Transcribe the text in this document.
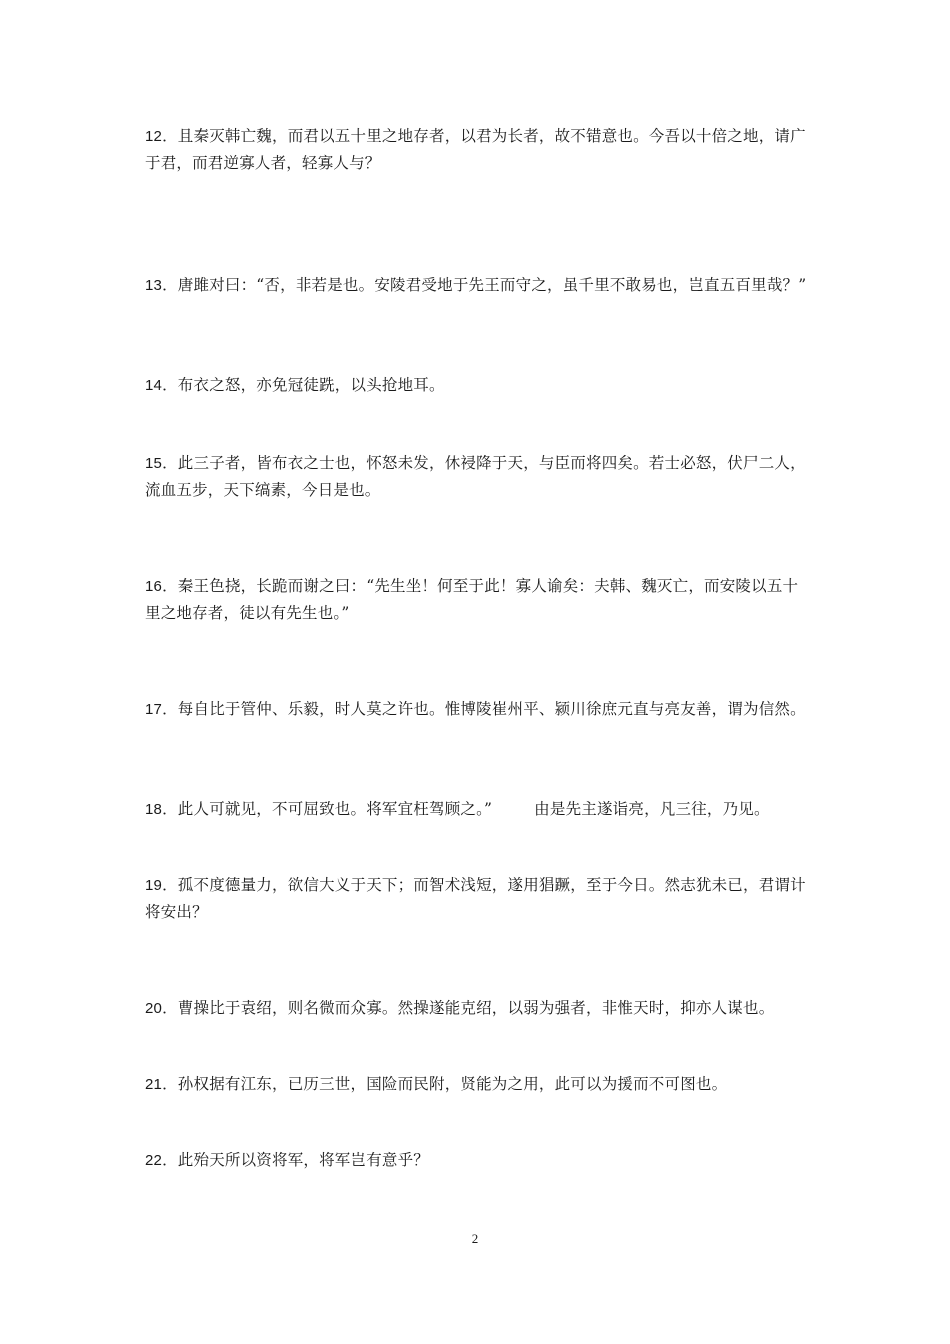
12．且秦灭韩亡魏，而君以五十里之地存者，以君为长者，故不错意也。今吾以十倍之地，请广于君，而君逆寡人者，轻寡人与？

13．唐雎对曰：“否，非若是也。安陵君受地于先王而守之，虽千里不敢易也，岂直五百里哉？”

14．布衣之怒，亦免冠徒跣，以头抢地耳。

15．此三子者，皆布衣之士也，怀怒未发，休祲降于天，与臣而将四矣。若士必怒，伏尸二人，流血五步，天下缟素，今日是也。

16．秦王色挠，长跪而谢之曰：“先生坐！何至于此！寡人谕矣：夫韩、魏灭亡，而安陵以五十里之地存者，徒以有先生也。”

17．每自比于管仲、乐毅，时人莫之许也。惟博陵崔州平、颍川徐庶元直与亮友善，谓为信然。

18．此人可就见，不可屈致也。将军宜枉驾顾之。”	由是先主遂诣亮，凡三往，乃见。

19．孤不度德量力，欲信大义于天下；而智术浅短，遂用猖蹶，至于今日。然志犹未已，君谓计将安出？

20．曹操比于袁绍，则名微而众寡。然操遂能克绍，以弱为强者，非惟天时，抑亦人谋也。

21．孙权据有江东，已历三世，国险而民附，贤能为之用，此可以为援而不可图也。

22．此殆天所以资将军，将军岂有意乎？

2
